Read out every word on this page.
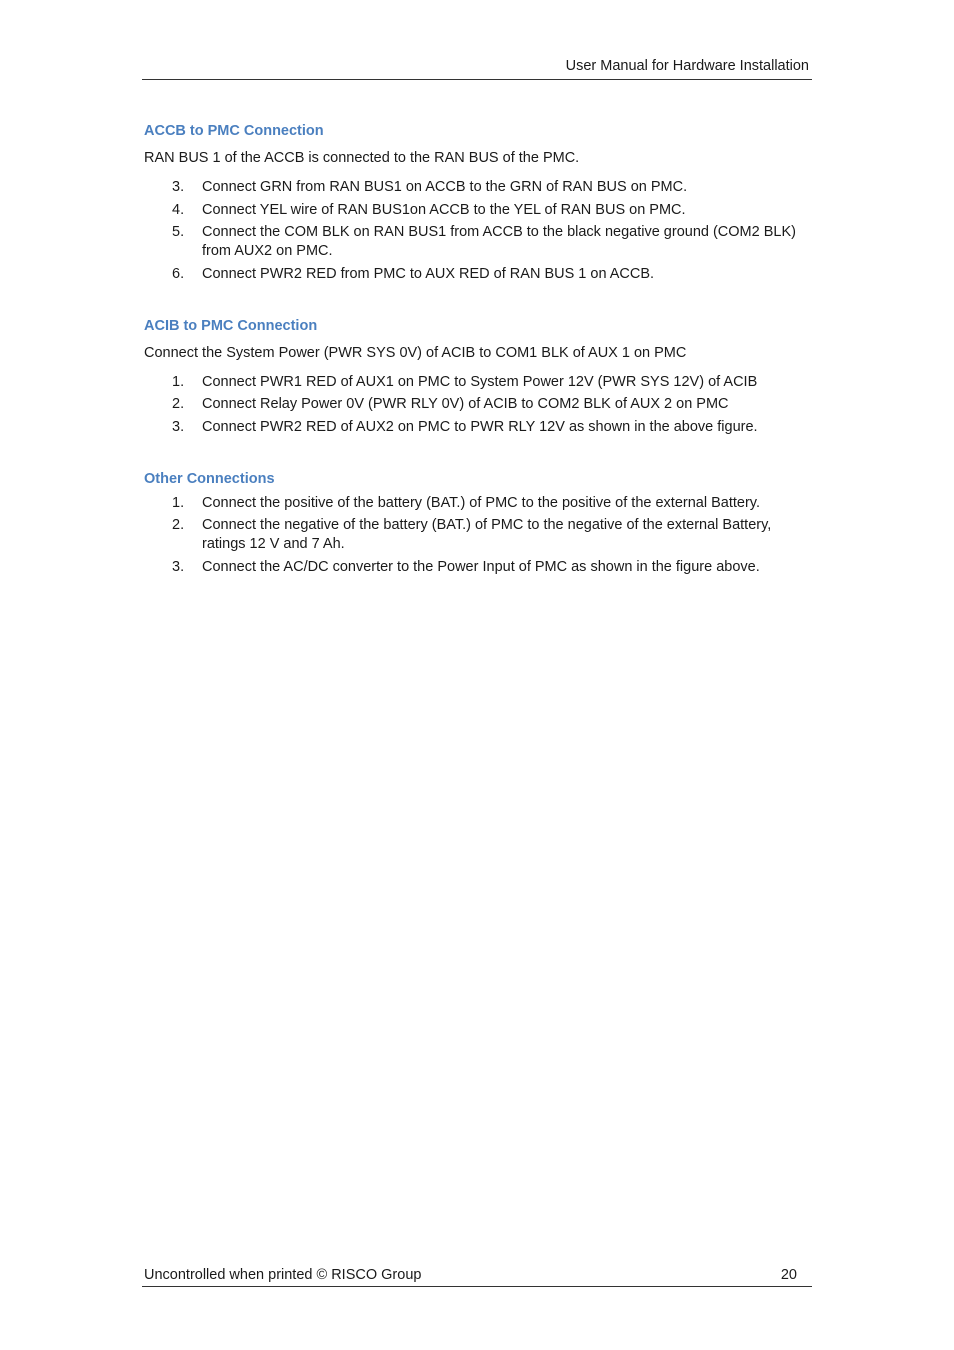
User Manual for Hardware Installation
ACCB to PMC Connection
RAN BUS 1 of the ACCB is connected to the RAN BUS of the PMC.
3. Connect GRN from RAN BUS1 on ACCB to the GRN of RAN BUS on PMC.
4. Connect YEL wire of RAN BUS1on ACCB to the YEL of RAN BUS on PMC.
5. Connect the COM BLK on RAN BUS1 from ACCB to the black negative ground (COM2 BLK) from AUX2 on PMC.
6. Connect PWR2 RED from PMC to AUX RED of RAN BUS 1 on ACCB.
ACIB to PMC Connection
Connect the System Power (PWR SYS 0V) of ACIB to COM1 BLK of AUX 1 on PMC
1. Connect PWR1 RED of AUX1 on PMC to System Power 12V (PWR SYS 12V) of ACIB
2. Connect Relay Power 0V (PWR RLY 0V) of ACIB to COM2 BLK of AUX 2 on PMC
3. Connect PWR2 RED of AUX2 on PMC to PWR RLY 12V as shown in the above figure.
Other Connections
1. Connect the positive of the battery (BAT.) of PMC to the positive of the external Battery.
2. Connect the negative of the battery (BAT.) of PMC to the negative of the external Battery, ratings 12 V and 7 Ah.
3. Connect the AC/DC converter to the Power Input of PMC as shown in the figure above.
Uncontrolled when printed © RISCO Group	20
